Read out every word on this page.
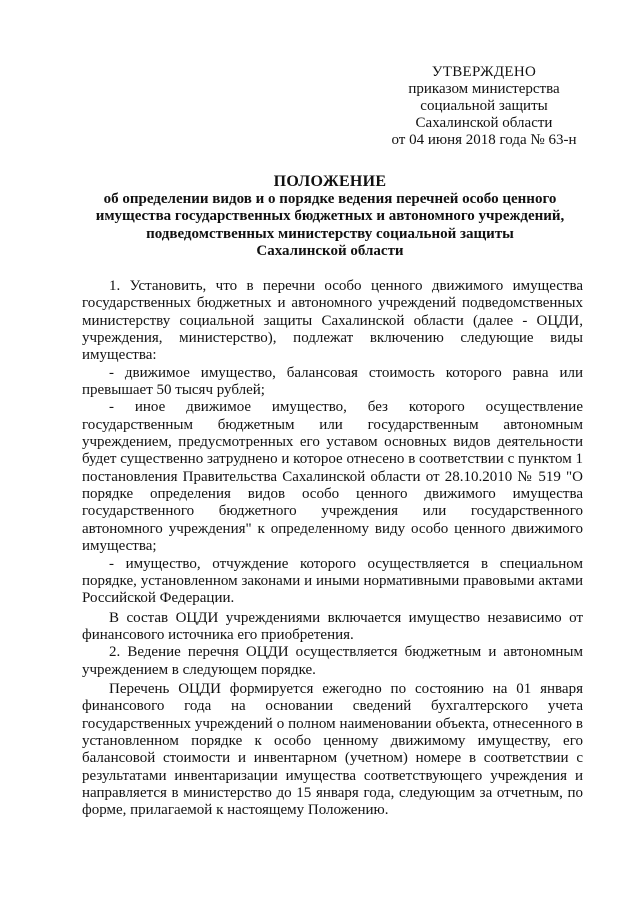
УТВЕРЖДЕНО
приказом министерства
социальной защиты
Сахалинской области
от 04 июня 2018 года № 63-н
ПОЛОЖЕНИЕ
об определении видов и о порядке ведения перечней особо ценного
имущества государственных бюджетных и автономного учреждений,
подведомственных министерству социальной защиты
Сахалинской области

1. Установить, что в перечни особо ценного движимого имущества государственных бюджетных и автономного учреждений подведомственных министерству социальной защиты Сахалинской области (далее - ОЦДИ, учреждения, министерство), подлежат включению следующие виды имущества:

- движимое имущество, балансовая стоимость которого равна или превышает 50 тысяч рублей;

- иное движимое имущество, без которого осуществление государственным бюджетным или государственным автономным учреждением, предусмотренных его уставом основных видов деятельности будет существенно затруднено и которое отнесено в соответствии с пунктом 1 постановления Правительства Сахалинской области от 28.10.2010 № 519 "О порядке определения видов особо ценного движимого имущества государственного бюджетного учреждения или государственного автономного учреждения" к определенному виду особо ценного движимого имущества;

- имущество, отчуждение которого осуществляется в специальном порядке, установленном законами и иными нормативными правовыми актами Российской Федерации.

В состав ОЦДИ учреждениями включается имущество независимо от финансового источника его приобретения.

2. Ведение перечня ОЦДИ осуществляется бюджетным и автономным учреждением в следующем порядке.

Перечень ОЦДИ формируется ежегодно по состоянию на 01 января финансового года на основании сведений бухгалтерского учета государственных учреждений о полном наименовании объекта, отнесенного в установленном порядке к особо ценному движимому имуществу, его балансовой стоимости и инвентарном (учетном) номере в соответствии с результатами инвентаризации имущества соответствующего учреждения и направляется в министерство до 15 января года, следующим за отчетным, по форме, прилагаемой к настоящему Положению.
